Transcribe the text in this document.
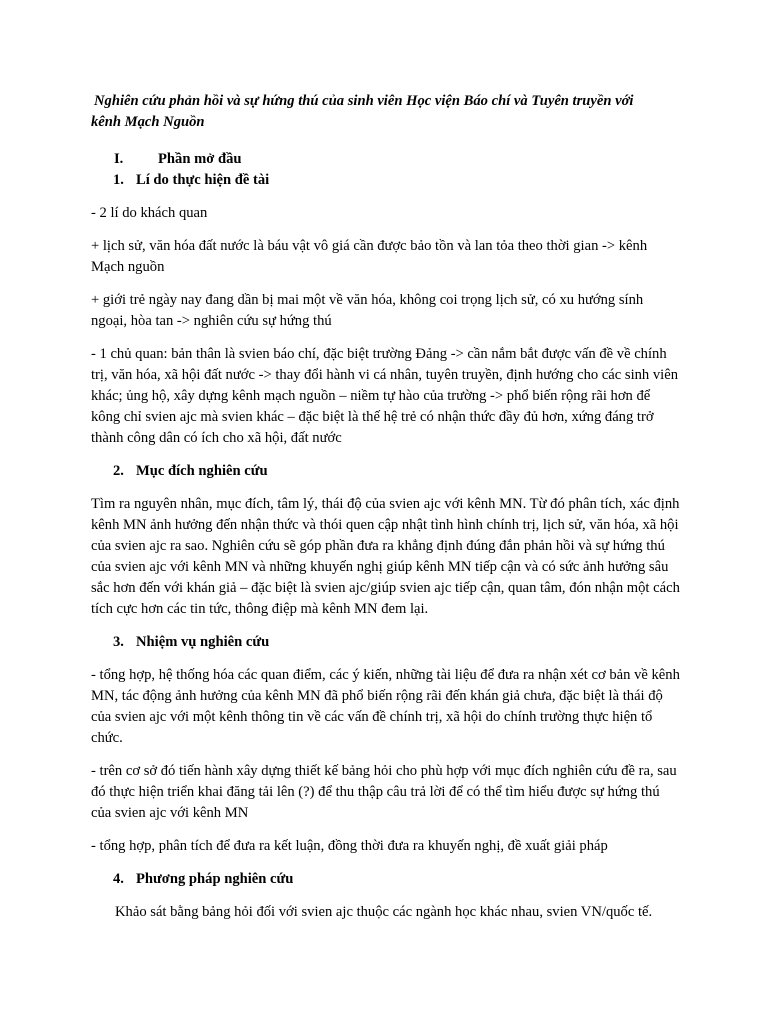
Nghiên cứu phản hồi và sự hứng thú của sinh viên Học viện Báo chí và Tuyên truyền với
kênh Mạch Nguồn
I. Phần mở đầu
1. Lí do thực hiện đề tài

- 2 lí do khách quan

+ lịch sử, văn hóa đất nước là báu vật vô giá cần được bảo tồn và lan tỏa theo thời gian -> kênh Mạch nguồn

+ giới trẻ ngày nay đang dần bị mai một về văn hóa, không coi trọng lịch sử, có xu hướng sính ngoại, hòa tan -> nghiên cứu sự hứng thú

- 1 chủ quan: bản thân là svien báo chí, đặc biệt trường Đảng -> cần nắm bắt được vấn đề về chính trị, văn hóa, xã hội đất nước -> thay đổi hành vi cá nhân, tuyên truyền, định hướng cho các sinh viên khác; ủng hộ, xây dựng kênh mạch nguồn – niềm tự hào của trường -> phổ biến rộng rãi hơn để kông chỉ svien ajc mà svien khác – đặc biệt là thế hệ trẻ có nhận thức đầy đủ hơn, xứng đáng trở thành công dân có ích cho xã hội, đất nước

2. Mục đích nghiên cứu

Tìm ra nguyên nhân, mục đích, tâm lý, thái độ của svien ajc với kênh MN. Từ đó phân tích, xác định kênh MN ảnh hưởng đến nhận thức và thói quen cập nhật tình hình chính trị, lịch sử, văn hóa, xã hội của svien ajc ra sao. Nghiên cứu sẽ góp phần đưa ra khẳng định đúng đắn phản hồi và sự hứng thú của svien ajc với kênh MN và những khuyến nghị giúp kênh MN tiếp cận và có sức ảnh hưởng sâu sắc hơn đến với khán giả – đặc biệt là svien ajc/giúp svien ajc tiếp cận, quan tâm, đón nhận một cách tích cực hơn các tin tức, thông điệp mà kênh MN đem lại.

3. Nhiệm vụ nghiên cứu

- tổng hợp, hệ thống hóa các quan điểm, các ý kiến, những tài liệu để đưa ra nhận xét cơ bản về kênh MN, tác động ảnh hưởng của kênh MN đã phổ biến rộng rãi đến khán giả chưa, đặc biệt là thái độ của svien ajc với một kênh thông tin về các vấn đề chính trị, xã hội do chính trường thực hiện tổ chức.

- trên cơ sở đó tiến hành xây dựng thiết kế bảng hỏi cho phù hợp với mục đích nghiên cứu đề ra, sau đó thực hiện triển khai đăng tải lên (?) để thu thập câu trả lời để có thể tìm hiểu được sự hứng thú của svien ajc với kênh MN

- tổng hợp, phân tích để đưa ra kết luận, đồng thời đưa ra khuyến nghị, đề xuất giải pháp

4. Phương pháp nghiên cứu

Khảo sát bằng bảng hỏi đối với svien ajc thuộc các ngành học khác nhau, svien VN/quốc tế.
